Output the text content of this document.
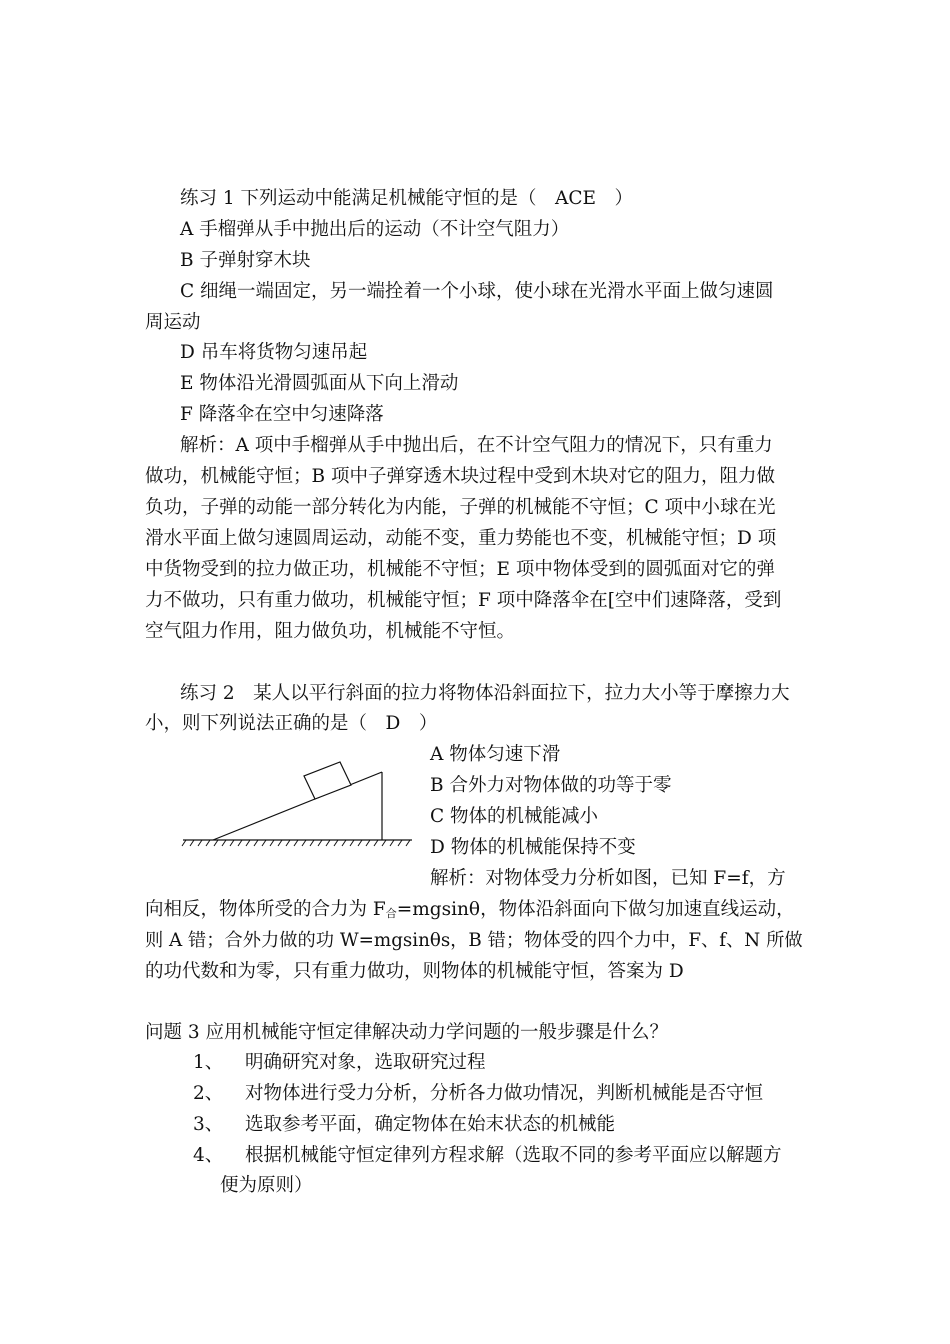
练习 1 下列运动中能满足机械能守恒的是（　ACE　）
A 手榴弹从手中抛出后的运动（不计空气阻力）
B 子弹射穿木块
C 细绳一端固定，另一端拴着一个小球，使小球在光滑水平面上做匀速圆
周运动
D 吊车将货物匀速吊起
E 物体沿光滑圆弧面从下向上滑动
F 降落伞在空中匀速降落
解析：A 项中手榴弹从手中抛出后，在不计空气阻力的情况下，只有重力
做功，机械能守恒；B 项中子弹穿透木块过程中受到木块对它的阻力，阻力做
负功，子弹的动能一部分转化为内能，子弹的机械能不守恒；C 项中小球在光
滑水平面上做匀速圆周运动，动能不变，重力势能也不变，机械能守恒；D 项
中货物受到的拉力做正功，机械能不守恒；E 项中物体受到的圆弧面对它的弹
力不做功，只有重力做功，机械能守恒；F 项中降落伞在[空中们速降落，受到
空气阻力作用，阻力做负功，机械能不守恒。
练习 2　某人以平行斜面的拉力将物体沿斜面拉下，拉力大小等于摩擦力大
小，则下列说法正确的是（　D　）
A 物体匀速下滑
B 合外力对物体做的功等于零
C 物体的机械能减小
D 物体的机械能保持不变
解析：对物体受力分析如图，已知 F=f，方
向相反，物体所受的合力为 F合=mgsinθ，物体沿斜面向下做匀加速直线运动，
则 A 错；合外力做的功 W=mgsinθs，B 错；物体受的四个力中，F、f、N 所做
的功代数和为零，只有重力做功，则物体的机械能守恒，答案为 D
问题 3 应用机械能守恒定律解决动力学问题的一般步骤是什么？
1、 明确研究对象，选取研究过程
2、 对物体进行受力分析，分析各力做功情况，判断机械能是否守恒
3、 选取参考平面，确定物体在始末状态的机械能
4、 根据机械能守恒定律列方程求解（选取不同的参考平面应以解题方
便为原则）
